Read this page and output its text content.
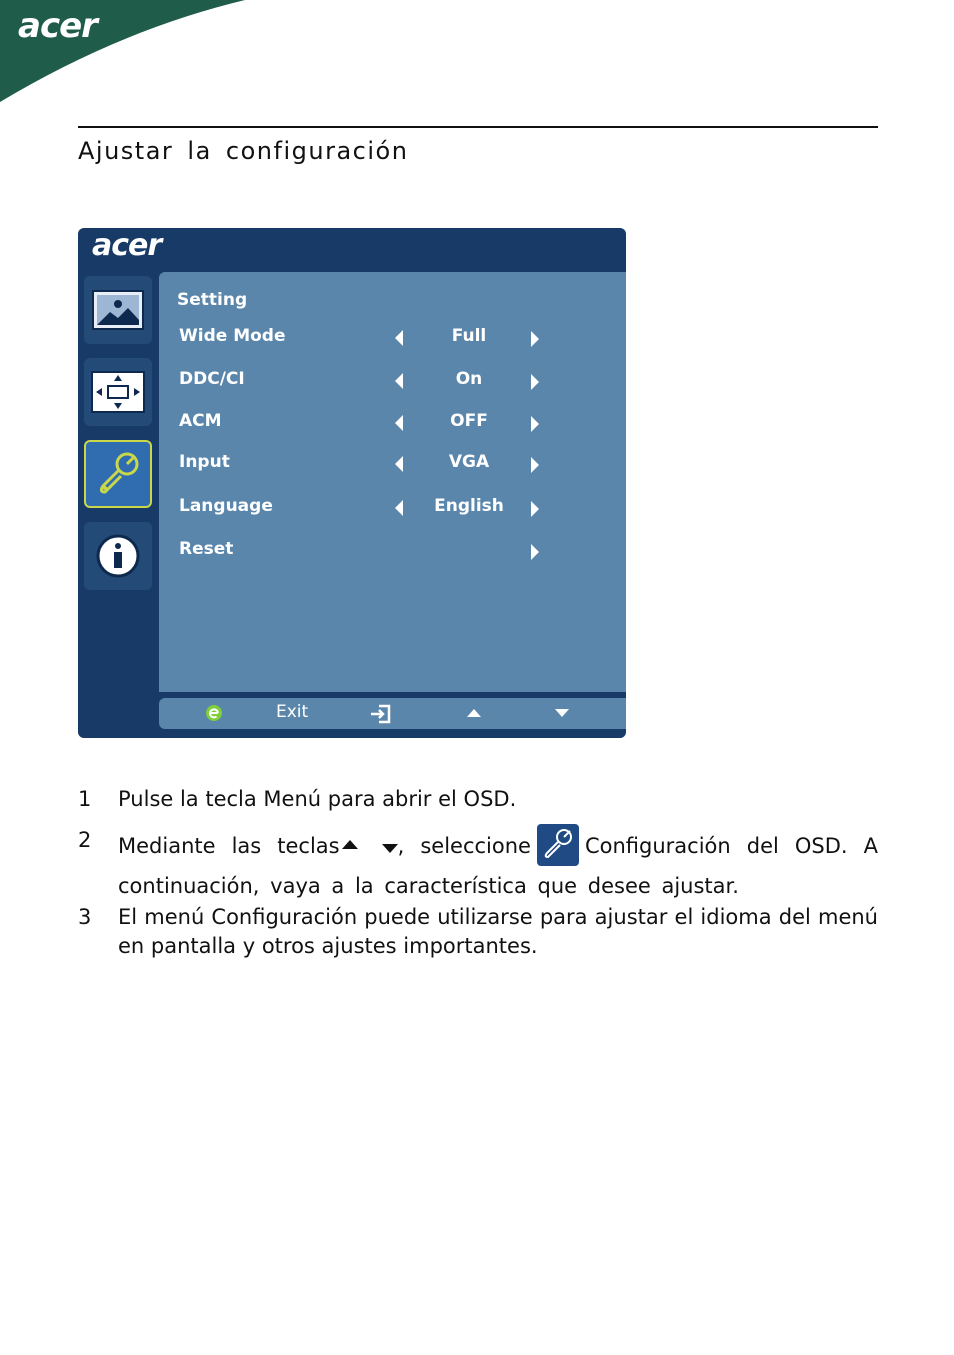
acer
Ajustar la configuración
acer
Setting
Wide Mode	Full
DDC/CI	On
ACM	OFF
Input	VGA
Language	English
Reset
Exit
1	Pulse la tecla Menú para abrir el OSD.
2	Mediante las teclas	, seleccione	Configuración del OSD. A continuación, vaya a la característica que desee ajustar.
3	El menú Configuración puede utilizarse para ajustar el idioma del menú en pantalla y otros ajustes importantes.
